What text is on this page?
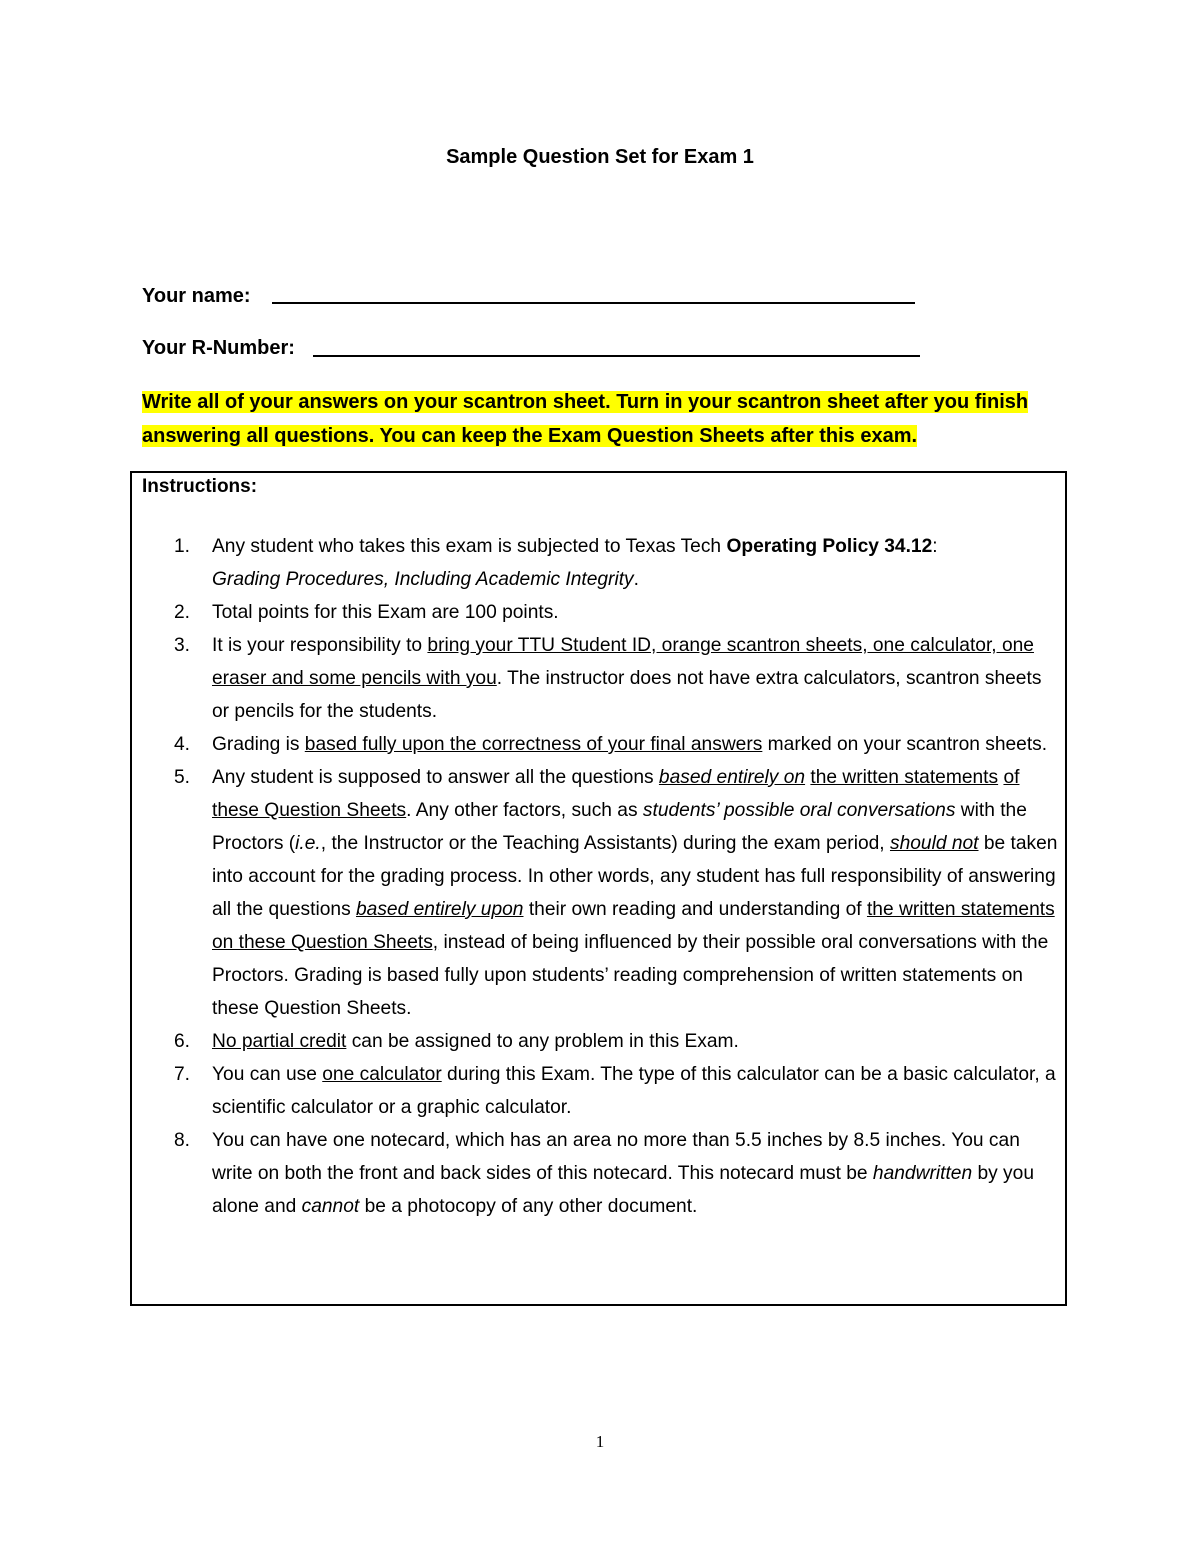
Sample Question Set for Exam 1
Your name:
Your R-Number:
Write all of your answers on your scantron sheet. Turn in your scantron sheet after you finish
answering all questions. You can keep the Exam Question Sheets after this exam.
Instructions:
1. Any student who takes this exam is subjected to Texas Tech Operating Policy 34.12:
Grading Procedures, Including Academic Integrity.
2. Total points for this Exam are 100 points.
3. It is your responsibility to bring your TTU Student ID, orange scantron sheets, one calculator, one eraser and some pencils with you. The instructor does not have extra calculators, scantron sheets or pencils for the students.
4. Grading is based fully upon the correctness of your final answers marked on your scantron sheets.
5. Any student is supposed to answer all the questions based entirely on the written statements of these Question Sheets. Any other factors, such as students’ possible oral conversations with the Proctors (i.e., the Instructor or the Teaching Assistants) during the exam period, should not be taken into account for the grading process. In other words, any student has full responsibility of answering all the questions based entirely upon their own reading and understanding of the written statements on these Question Sheets, instead of being influenced by their possible oral conversations with the Proctors. Grading is based fully upon students’ reading comprehension of written statements on these Question Sheets.
6. No partial credit can be assigned to any problem in this Exam.
7. You can use one calculator during this Exam. The type of this calculator can be a basic calculator, a scientific calculator or a graphic calculator.
8. You can have one notecard, which has an area no more than 5.5 inches by 8.5 inches. You can write on both the front and back sides of this notecard. This notecard must be handwritten by you alone and cannot be a photocopy of any other document.
1
